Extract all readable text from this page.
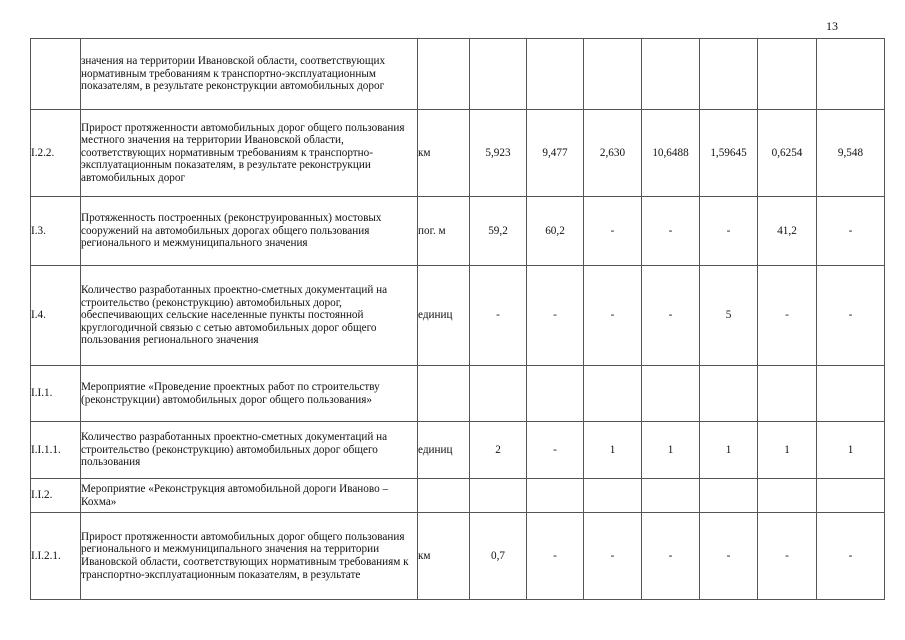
13
	значения на территории Ивановской области, соответствующих нормативным требованиям к транспортно-эксплуатационным показателям, в результате реконструкции автомобильных дорог								
I.2.2.	Прирост протяженности автомобильных дорог общего пользования местного значения на территории Ивановской области, соответствующих нормативным требованиям к транспортно-эксплуатационным показателям, в результате реконструкции автомобильных дорог	км	5,923	9,477	2,630	10,6488	1,59645	0,6254	9,548
I.3.	Протяженность построенных (реконструированных) мостовых сооружений на автомобильных дорогах общего пользования регионального и межмуниципального значения	пог. м	59,2	60,2	-	-	-	41,2	-
I.4.	Количество разработанных проектно-сметных документаций на строительство (реконструкцию) автомобильных дорог, обеспечивающих сельские населенные пункты постоянной круглогодичной связью с сетью автомобильных дорог общего пользования регионального значения	единиц	-	-	-	-	5	-	-
I.I.1.	Мероприятие «Проведение проектных работ по строительству (реконструкции) автомобильных дорог общего пользования»								
I.I.1.1.	Количество разработанных проектно-сметных документаций на строительство (реконструкцию) автомобильных дорог общего пользования	единиц	2	-	1	1	1	1	1
I.I.2.	Мероприятие «Реконструкция автомобильной дороги Иваново – Кохма»								
I.I.2.1.	Прирост протяженности автомобильных дорог общего пользования регионального и межмуниципального значения на территории Ивановской области, соответствующих нормативным требованиям к транспортно-эксплуатационным показателям, в результате	км	0,7	-	-	-	-	-	-
